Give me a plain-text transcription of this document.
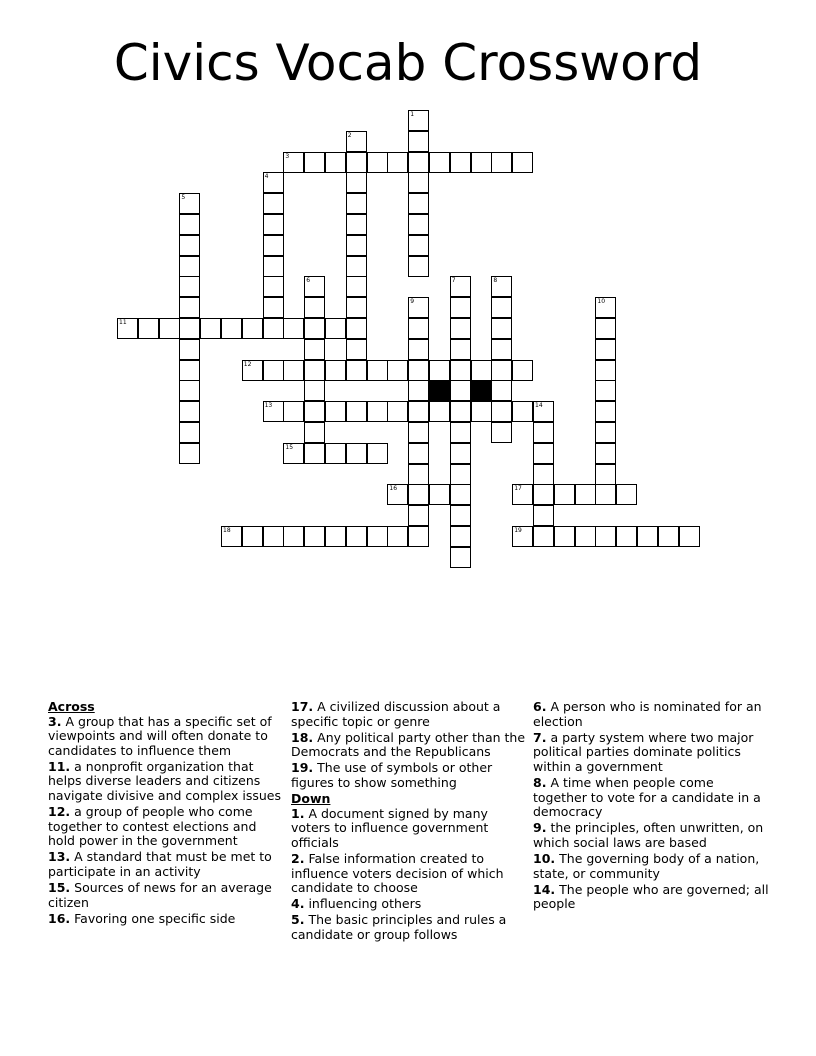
Civics Vocab Crossword
1
2
3
4
5
6	7	8
9	10
11
12
13	14
15
16	17
18	19
Across
3. A group that has a specific set of viewpoints and will often donate to candidates to influence them
11. a nonprofit organization that helps diverse leaders and citizens navigate divisive and complex issues
12. a group of people who come together to contest elections and hold power in the government
13. A standard that must be met to participate in an activity
15. Sources of news for an average citizen
16. Favoring one specific side
17. A civilized discussion about a specific topic or genre
18. Any political party other than the Democrats and the Republicans
19. The use of symbols or other figures to show something
Down
1. A document signed by many voters to influence government officials
2. False information created to influence voters decision of which candidate to choose
4. influencing others
5. The basic principles and rules a candidate or group follows
6. A person who is nominated for an election
7. a party system where two major political parties dominate politics within a government
8. A time when people come together to vote for a candidate in a democracy
9. the principles, often unwritten, on which social laws are based
10. The governing body of a nation, state, or community
14. The people who are governed; all people
